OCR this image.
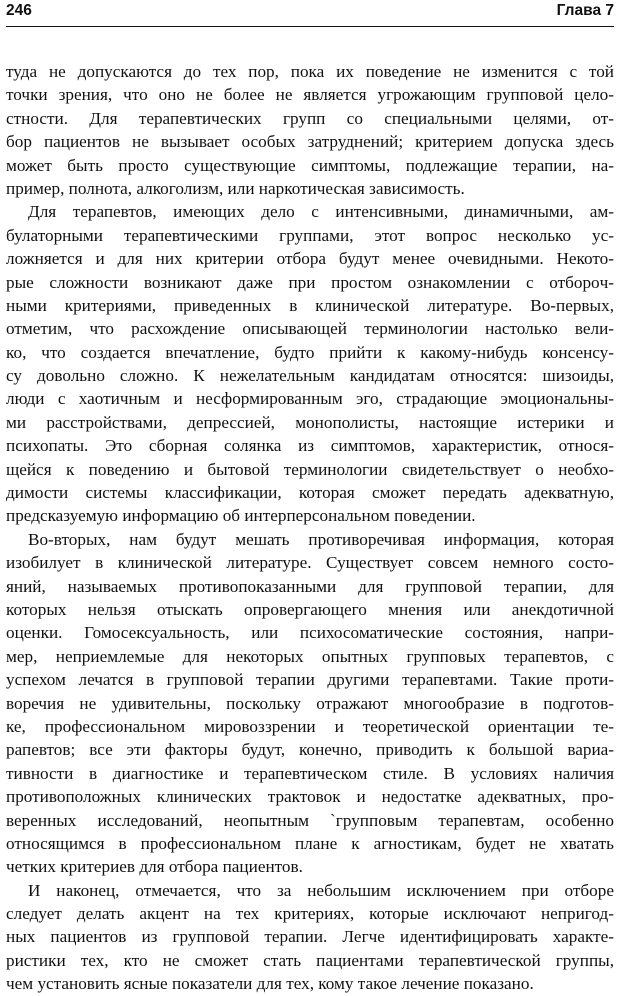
246	Глава 7
туда не допускаются до тех пор, пока их поведение не изменится с той
точки зрения, что оно не более не является угрожающим групповой цело-
стности. Для терапевтических групп со специальными целями, от-
бор пациентов не вызывает особых затруднений; критерием допуска здесь
может быть просто существующие симптомы, подлежащие терапии, на-
пример, полнота, алкоголизм, или наркотическая зависимость.
Для терапевтов, имеющих дело с интенсивными, динамичными, ам-
булаторными терапевтическими группами, этот вопрос несколько ус-
ложняется и для них критерии отбора будут менее очевидными. Некото-
рые сложности возникают даже при простом ознакомлении с отборoч-
ными критериями, приведенных в клинической литературе. Во-первых,
отметим, что расхождение описывающей терминологии настолько вели-
ко, что создается впечатление, будто прийти к какому-нибудь консенсу-
су довольно сложно. К нежелательным кандидатам относятся: шизоиды,
люди с хаотичным и несформированным эго, страдающие эмоциональны-
ми расстройствами, депрессией, монополисты, настоящие истерики и
психопаты. Это сборная солянка из симптомов, характеристик, относя-
щейся к поведению и бытовой терминологии свидетельствует о необхо-
димости системы классификации, которая сможет передать адекватную,
предсказуемую информацию об интерперсональном поведении.
Во-вторых, нам будут мешать противоречивая информация, которая
изобилует в клинической литературе. Существует совсем немного состо-
яний, называемых противопоказанными для групповой терапии, для
которых нельзя отыскать опровергающего мнения или анекдотичной
оценки. Гомосексуальность, или психосоматические состояния, напри-
мер, неприемлемые для некоторых опытных групповых терапевтов, с
успехом лечатся в групповой терапии другими терапевтами. Такие проти-
воречия не удивительны, поскольку отражают многообразие в подготов-
ке, профессиональном мировоззрении и теоретической ориентации те-
рапевтов; все эти факторы будут, конечно, приводить к большой вариа-
тивности в диагностике и терапевтическом стиле. В условиях наличия
противоположных клинических трактовок и недостатке адекватных, про-
веренных исследований, неопытным `групповым терапевтам, особенно
относящимся в профессиональном плане к агностикам, будет не хватать
четких критериев для отбора пациентов.
И наконец, отмечается, что за небольшим исключением при отборе
следует делать акцент на тех критериях, которые исключают непригод-
ных пациентов из групповой терапии. Легче идентифицировать характе-
ристики тех, кто не сможет стать пациентами терапевтической группы,
чем установить ясные показатели для тех, кому такое лечение показано.
